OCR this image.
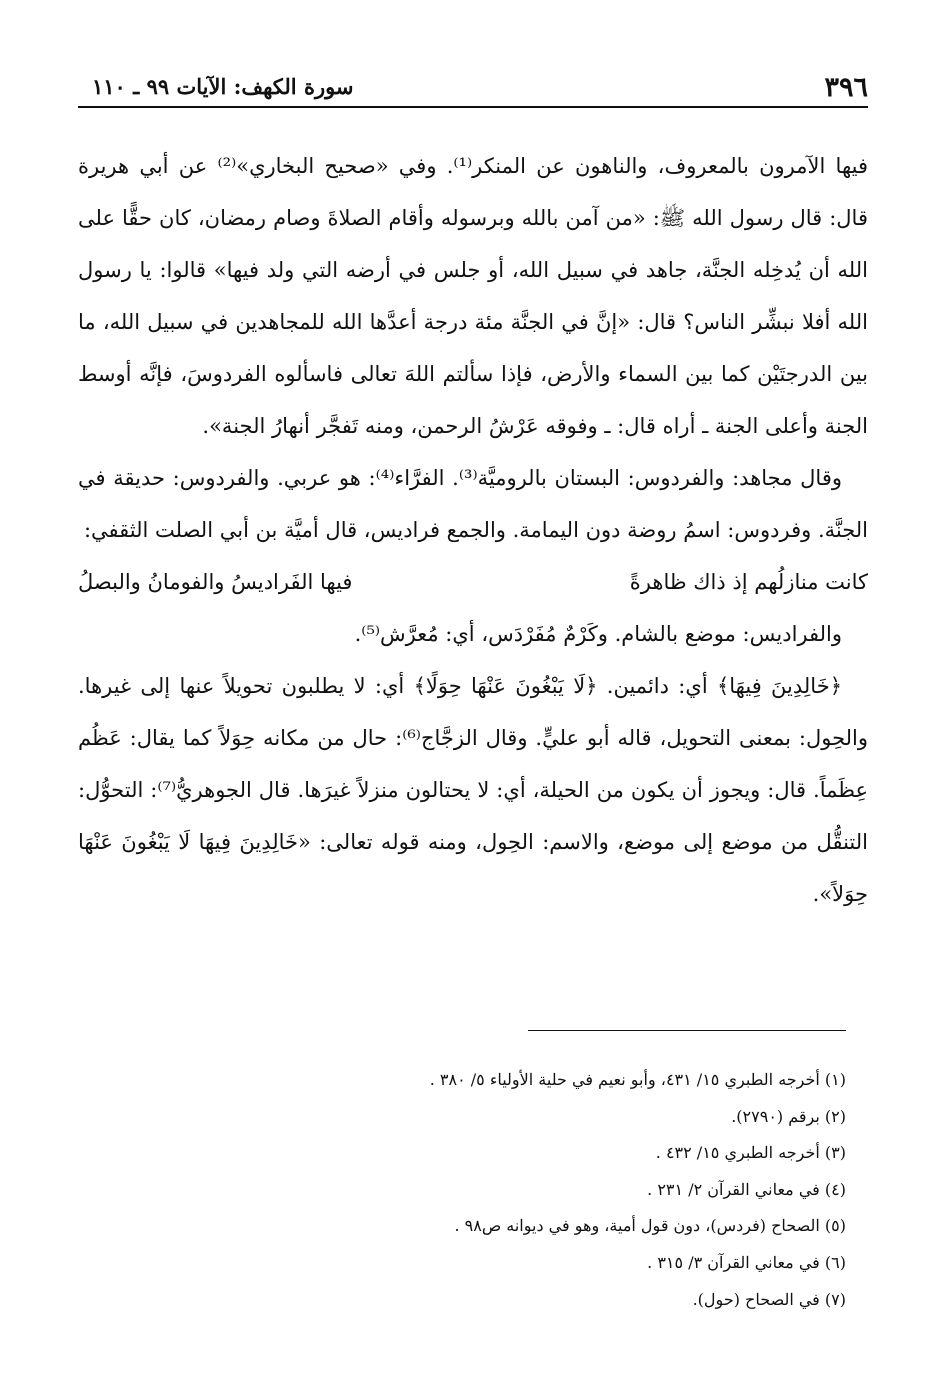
٣٩٦
سورة الكهف: الآيات ٩٩ ـ ١١٠

فيها الآمرون بالمعروف، والناهون عن المنكر⁽¹⁾. وفي «صحيح البخاري»⁽²⁾ عن أبي هريرة قال: قال رسول الله ﷺ: «من آمن بالله وبرسوله وأقام الصلاةَ وصام رمضان، كان حقًّا على الله أن يُدخِله الجنَّة، جاهد في سبيل الله، أو جلس في أرضه التي ولد فيها» قالوا: يا رسول الله أفلا نبشِّر الناس؟ قال: «إنَّ في الجنَّة مئة درجة أعدَّها الله للمجاهدين في سبيل الله، ما بين الدرجتَيْن كما بين السماء والأرض، فإذا سألتم اللهَ تعالى فاسألوه الفردوسَ، فإنَّه أوسط الجنة وأعلى الجنة ـ أراه قال: ـ وفوقه عَرْشُ الرحمن، ومنه تَفجَّر أنهارُ الجنة».

وقال مجاهد: والفردوس: البستان بالروميَّة⁽³⁾. الفرَّاء⁽⁴⁾: هو عربي. والفردوس: حديقة في الجنَّة. وفردوس: اسمُ روضة دون اليمامة. والجمع فراديس، قال أميَّة بن أبي الصلت الثقفي:

كانت منازلُهم إذ ذاك ظاهرةً
فيها الفَراديسُ والفومانُ والبصلُ

والفراديس: موضع بالشام. وكَرْمٌ مُفَرْدَس، أي: مُعرَّش⁽⁵⁾.

﴿خَالِدِينَ فِيهَا﴾ أي: دائمين. ﴿لَا يَبْغُونَ عَنْهَا حِوَلًا﴾ أي: لا يطلبون تحويلاً عنها إلى غيرها. والحِول: بمعنى التحويل، قاله أبو عليٍّ. وقال الزجَّاج⁽⁶⁾: حال من مكانه حِوَلاً كما يقال: عَظُم عِظَماً. قال: ويجوز أن يكون من الحيلة، أي: لا يحتالون منزلاً غيرَها. قال الجوهريُّ⁽⁷⁾: التحوُّل: التنقُّل من موضع إلى موضع، والاسم: الحِول، ومنه قوله تعالى: «خَالِدِينَ فِيهَا لَا يَبْغُونَ عَنْهَا حِوَلاً».

(١) أخرجه الطبري ١٥/ ٤٣١، وأبو نعيم في حلية الأولياء ٥/ ٣٨٠ .

(٢) برقم (٢٧٩٠).

(٣) أخرجه الطبري ١٥/ ٤٣٢ .

(٤) في معاني القرآن ٢/ ٢٣١ .

(٥) الصحاح (فردس)، دون قول أمية، وهو في ديوانه ص٩٨ .

(٦) في معاني القرآن ٣/ ٣١٥ .

(٧) في الصحاح (حول).
